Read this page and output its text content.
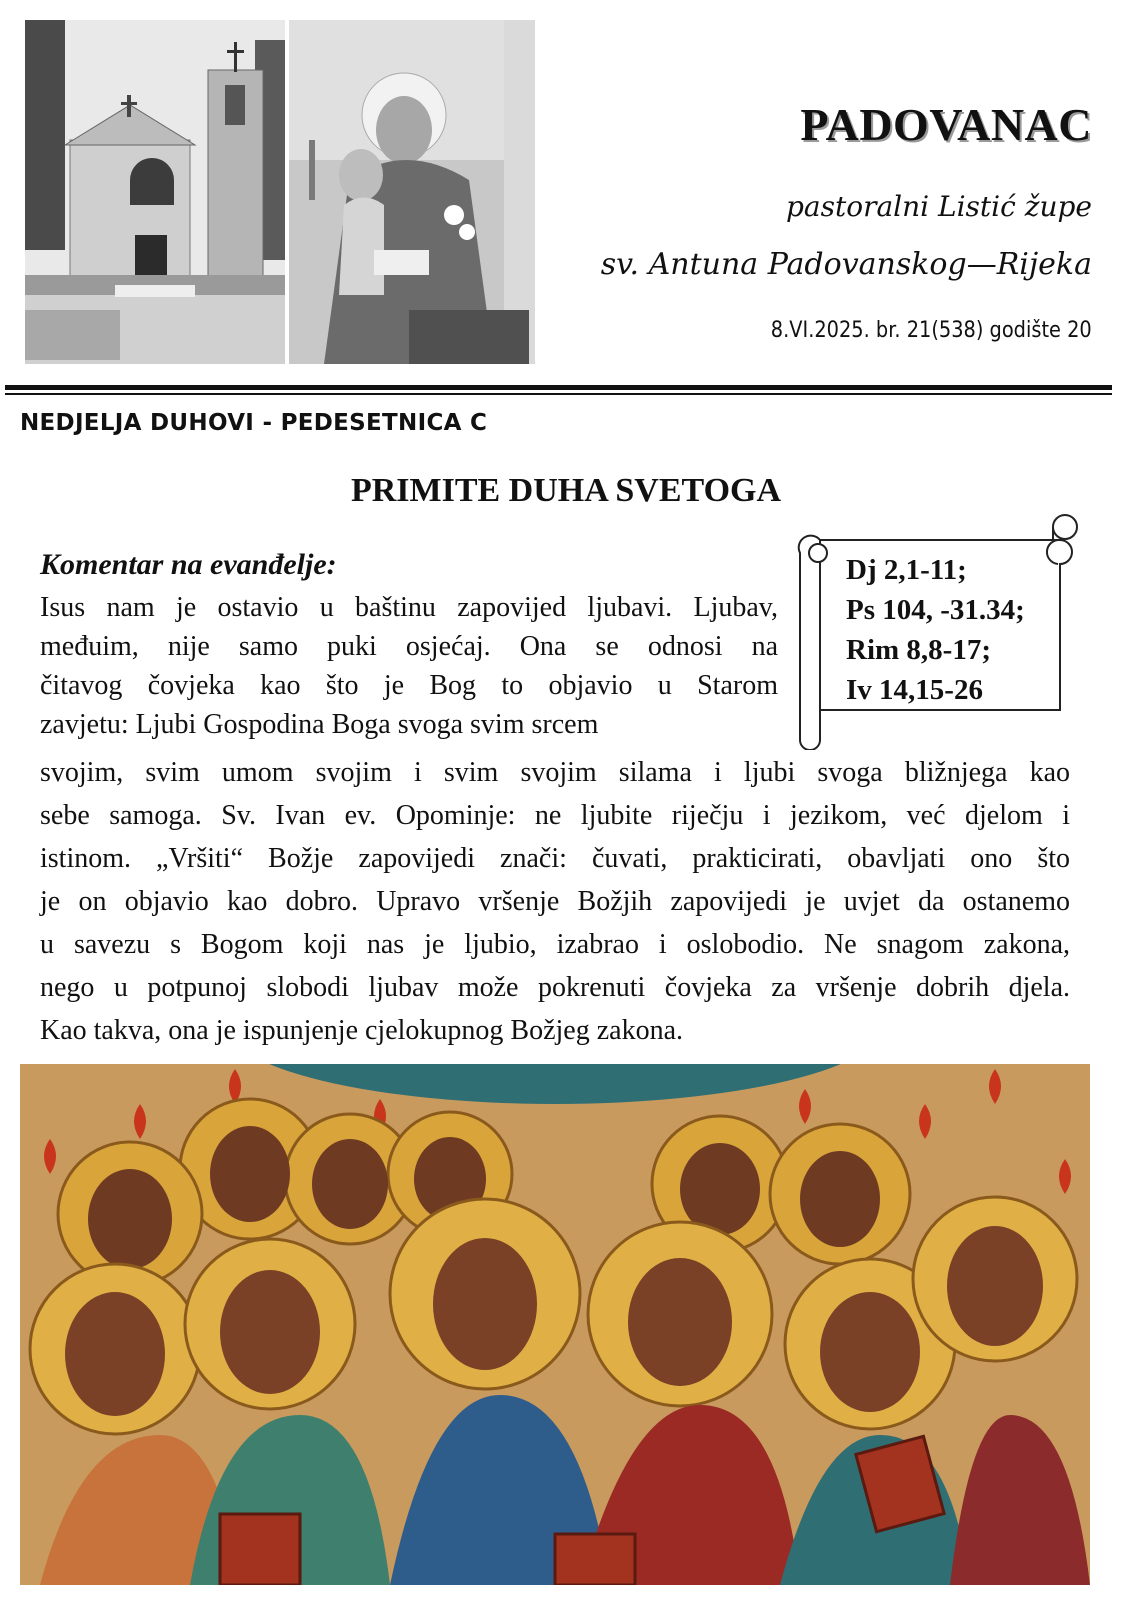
PADOVANAC
pastoralni Listić župe
sv. Antuna Padovanskog—Rijeka
8.VI.2025. br. 21(538) godište 20
NEDJELJA DUHOVI - PEDESETNICA C
PRIMITE DUHA SVETOGA
Komentar na evanđelje:
Isus nam je ostavio u baštinu zapovijed ljubavi. Ljubav,
međuim, nije samo puki osjećaj. Ona se odnosi na
čitavog čovjeka kao što je Bog to objavio u Starom
zavjetu: Ljubi Gospodina Boga svoga svim srcem
Dj 2,1-11;
Ps 104, -31.34;
Rim 8,8-17;
Iv 14,15-26
svojim, svim umom svojim i svim svojim silama i ljubi svoga bližnjega kao
sebe samoga. Sv. Ivan ev. Opominje: ne ljubite riječju i jezikom, već djelom i
istinom. „Vršiti“ Božje zapovijedi znači: čuvati, prakticirati, obavljati ono što
je on objavio kao dobro. Upravo vršenje Božjih zapovijedi je uvjet da ostanemo
u savezu s Bogom koji nas je ljubio, izabrao i oslobodio. Ne snagom zakona,
nego u potpunoj slobodi ljubav može pokrenuti čovjeka za vršenje dobrih djela.
Kao takva, ona je ispunjenje cjelokupnog Božjeg zakona.
